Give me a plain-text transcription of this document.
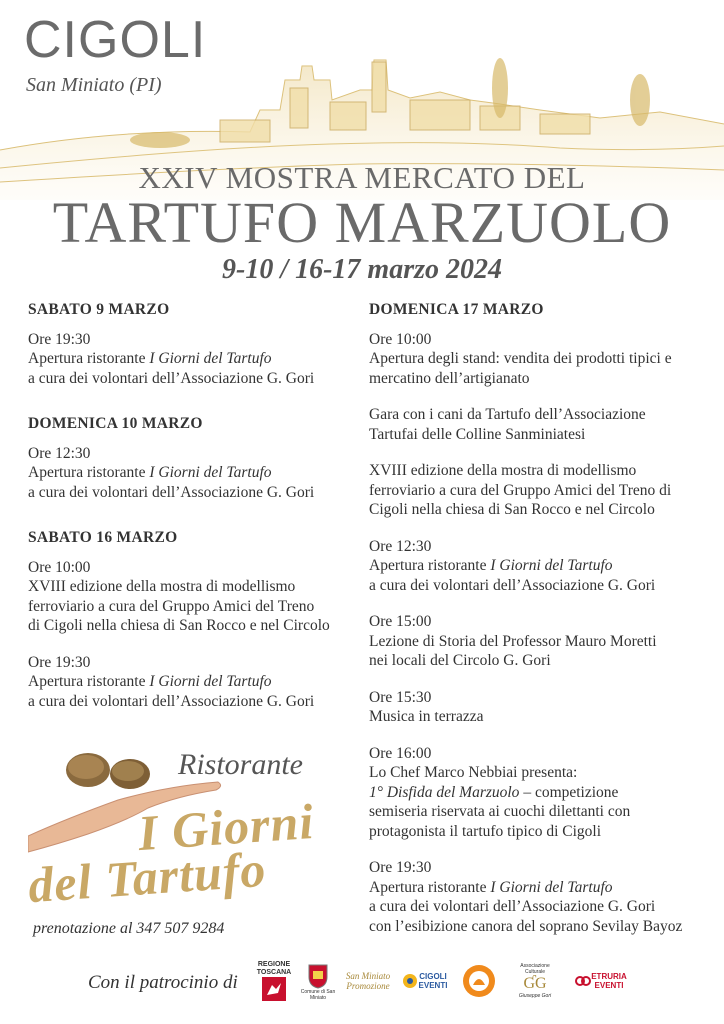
CIGOLI
San Miniato (PI)
XXIV MOSTRA MERCATO DEL
TARTUFO MARZUOLO
9-10 / 16-17 marzo 2024
SABATO 9 MARZO
Ore 19:30
Apertura ristorante I Giorni del Tartufo
a cura dei volontari dell’Associazione G. Gori
DOMENICA 10 MARZO
Ore 12:30
Apertura ristorante I Giorni del Tartufo
a cura dei volontari dell’Associazione G. Gori
SABATO 16 MARZO
Ore 10:00
XVIII edizione della mostra di modellismo
ferroviario a cura del Gruppo Amici del Treno
di Cigoli nella chiesa di San Rocco e nel Circolo
Ore 19:30
Apertura ristorante I Giorni del Tartufo
a cura dei volontari dell’Associazione G. Gori
DOMENICA 17 MARZO
Ore 10:00
Apertura degli stand: vendita dei prodotti tipici e
mercatino dell’artigianato
Gara con i cani da Tartufo dell’Associazione
Tartufai delle Colline Sanminiatesi
XVIII edizione della mostra di modellismo
ferroviario a cura del Gruppo Amici del Treno di
Cigoli nella chiesa di San Rocco e nel Circolo
Ore 12:30
Apertura ristorante I Giorni del Tartufo
a cura dei volontari dell’Associazione G. Gori
Ore 15:00
Lezione di Storia del Professor Mauro Moretti
nei locali del Circolo G. Gori
Ore 15:30
Musica in terrazza
Ore 16:00
Lo Chef Marco Nebbiai presenta:
1° Disfida del Marzuolo – competizione
semiseria riservata ai cuochi dilettanti con
protagonista il tartufo tipico di Cigoli
Ore 19:30
Apertura ristorante I Giorni del Tartufo
a cura dei volontari dell’Associazione G. Gori
con l’esibizione canora del soprano Sevilay Bayoz
Ristorante
I Giorni
del Tartufo
prenotazione al 347 507 9284
Con il patrocinio di
REGIONE TOSCANA
Comune di San Miniato
San Miniato Promozione
CIGOLI EVENTI
Associazione Culturale
ƓG
Giuseppe Gori
ETRURIA EVENTI
